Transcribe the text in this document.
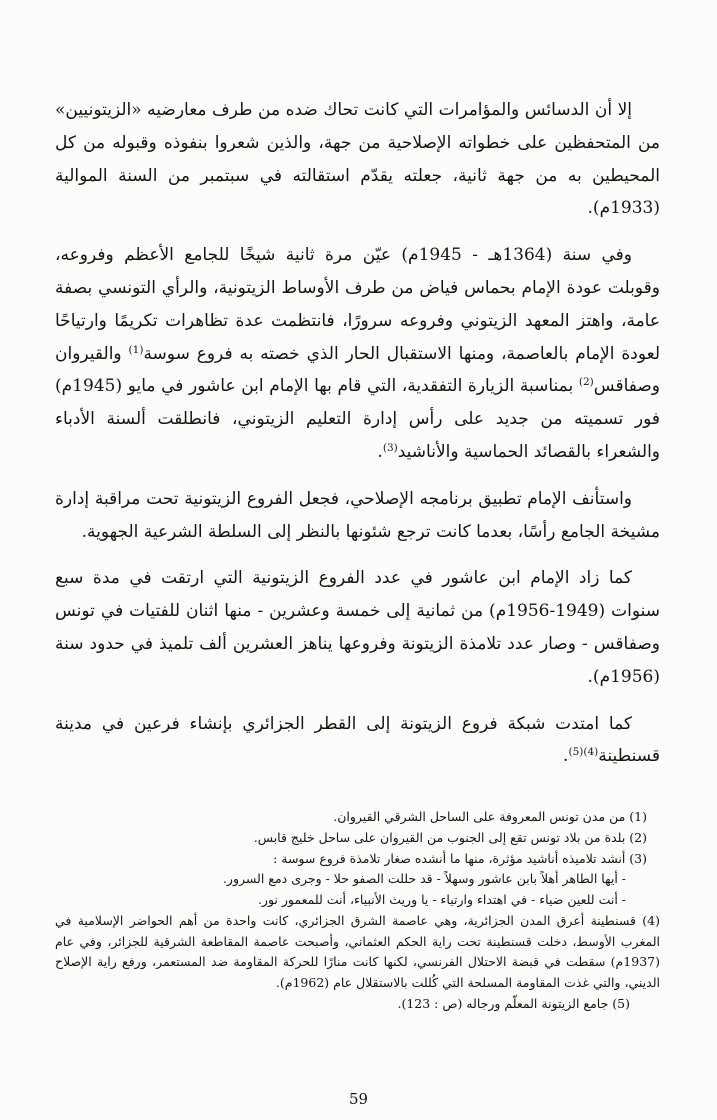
إلا أن الدسائس والمؤامرات التي كانت تحاك ضده من طرف معارضيه «الزيتونيين» من المتحفظين على خطواته الإصلاحية من جهة، والذين شعروا بنفوذه وقبوله من كل المحيطين به من جهة ثانية، جعلته يقدّم استقالته في سبتمبر من السنة الموالية (1933م).

وفي سنة (1364هـ - 1945م) عيّن مرة ثانية شيخًا للجامع الأعظم وفروعه، وقوبلت عودة الإمام بحماس فياض من طرف الأوساط الزيتونية، والرأي التونسي بصفة عامة، واهتز المعهد الزيتوني وفروعه سرورًا، فانتظمت عدة تظاهرات تكريمًا وارتياحًا لعودة الإمام بالعاصمة، ومنها الاستقبال الحار الذي خصته به فروع سوسة$^{(1)}$ والقيروان وصفاقس$^{(2)}$ بمناسبة الزيارة التفقدية، التي قام بها الإمام ابن عاشور في مايو (1945م) فور تسميته من جديد على رأس إدارة التعليم الزيتوني، فانطلقت ألسنة الأدباء والشعراء بالقصائد الحماسية والأناشيد$^{(3)}$.

واستأنف الإمام تطبيق برنامجه الإصلاحي، فجعل الفروع الزيتونية تحت مراقبة إدارة مشيخة الجامع رأسًا، بعدما كانت ترجع شئونها بالنظر إلى السلطة الشرعية الجهوية.

كما زاد الإمام ابن عاشور في عدد الفروع الزيتونية التي ارتقت في مدة سبع سنوات (1949-1956م) من ثمانية إلى خمسة وعشرين - منها اثنان للفتيات في تونس وصفاقس - وصار عدد تلامذة الزيتونة وفروعها يناهز العشرين ألف تلميذ في حدود سنة (1956م).

كما امتدت شبكة فروع الزيتونة إلى القطر الجزائري بإنشاء فرعين في مدينة قسنطينة$^{(4)(5)}$.

(1) من مدن تونس المعروفة على الساحل الشرقي القيروان.
(2) بلدة من بلاد تونس تقع إلى الجنوب من القيروان على ساحل خليج قابس.
(3) أنشد تلاميذه أناشيد مؤثرة، منها ما أنشده صغار تلامذة فروع سوسة :
- أيها الطاهر أهلاً بابن عاشور وسهلاً - قد حللت الصفو حلا - وجرى دمع السرور.
- أنت للعين ضياء - في اهتداء وارتياء - يا وريث الأنبياء، أنت للمعمور نور.
(4) قسنطينة أعرق المدن الجزائرية، وهي عاصمة الشرق الجزائري، كانت واحدة من أهم الحواضر الإسلامية في المغرب الأوسط، دخلت قسنطينة تحت راية الحكم العثماني، وأصبحت عاصمة المقاطعة الشرقية للجزائر، وفي عام (1937م) سقطت في قبضة الاحتلال الفرنسي، لكنها كانت منارًا للحركة المقاومة ضد المستعمر، ورفع راية الإصلاح الديني، والتي غذت المقاومة المسلحة التي كُللت بالاستقلال عام (1962م).
(5) جامع الزيتونة المعلّم ورجاله (ص : 123).
59
